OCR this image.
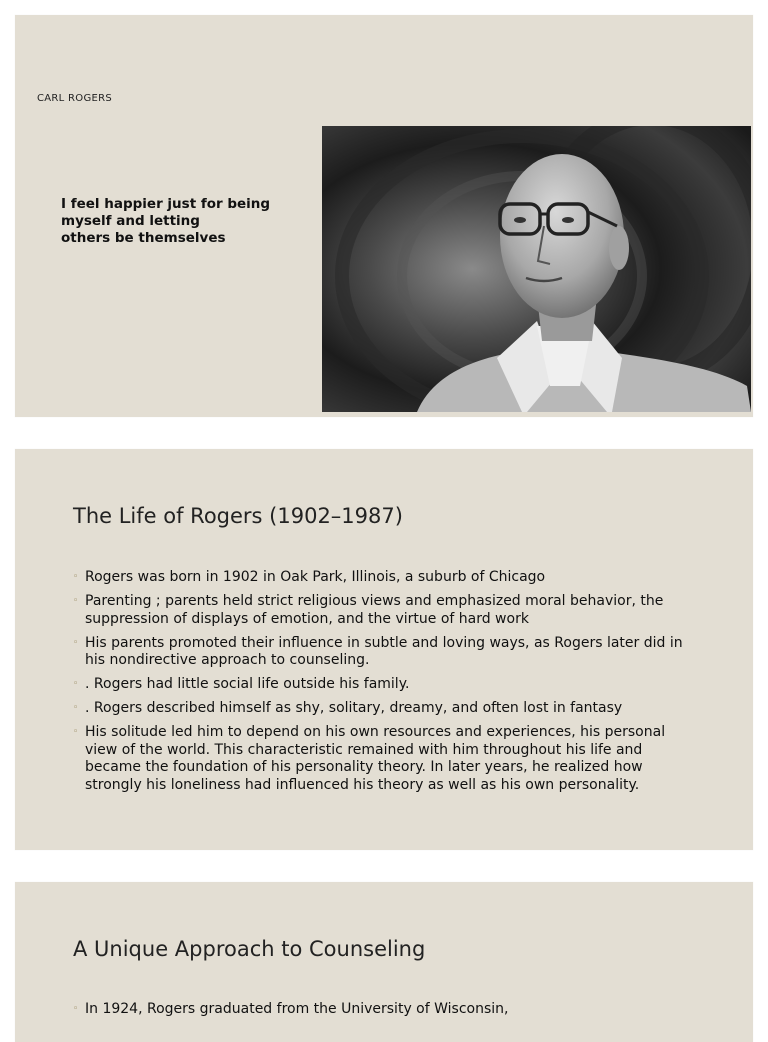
CARL ROGERS
I feel happier just for being
myself and letting
others be themselves
The Life of Rogers (1902–1987)
◦ Rogers was born in 1902 in Oak Park, Illinois, a suburb of Chicago
◦ Parenting ; parents held strict religious views and emphasized moral behavior, the suppression of displays of emotion, and the virtue of hard work
◦ His parents promoted their influence in subtle and loving ways, as Rogers later did in his nondirective approach to counseling.
◦ . Rogers had little social life outside his family.
◦ . Rogers described himself as shy, solitary, dreamy, and often lost in fantasy
◦ His solitude led him to depend on his own resources and experiences, his personal view of the world. This characteristic remained with him throughout his life and became the foundation of his personality theory. In later years, he realized how strongly his loneliness had influenced his theory as well as his own personality.
A Unique Approach to Counseling
◦ In 1924, Rogers graduated from the University of Wisconsin,
